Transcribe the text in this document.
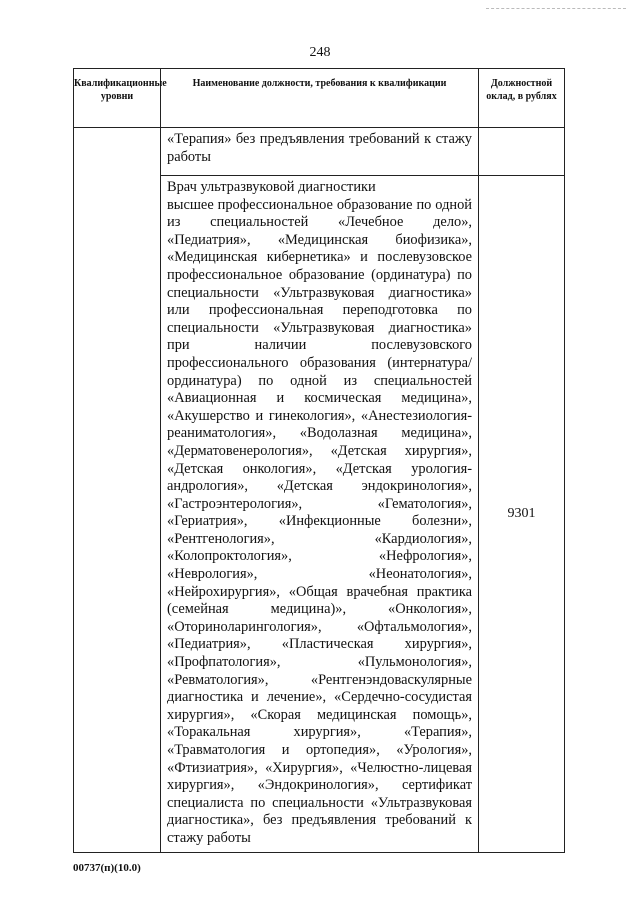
248
Квалификационные уровни	Наименование должности, требования к квалификации	Должностной оклад, в рублях

	«Терапия» без предъявления требований к стажу работы	

	Врач ультразвуковой диагностики
высшее профессиональное образование по одной из специальностей «Лечебное дело», «Педиатрия», «Медицинская биофизика», «Медицинская кибернетика» и послевузовское профессиональное образование (ординатура) по специальности «Ультразвуковая диагностика» или профессиональная переподготовка по специальности «Ультразвуковая диагностика» при наличии послевузовского профессионального образования (интернатура/ординатура) по одной из специальностей «Авиационная и космическая медицина», «Акушерство и гинекология», «Анестезиология-реаниматология», «Водолазная медицина», «Дерматовенерология», «Детская хирургия», «Детская онкология», «Детская урология-андрология», «Детская эндокринология», «Гастроэнтерология», «Гематология», «Гериатрия», «Инфекционные болезни», «Рентгенология», «Кардиология», «Колопроктология», «Нефрология», «Неврология», «Неонатология», «Нейрохирургия», «Общая врачебная практика (семейная медицина)», «Онкология», «Оториноларингология», «Офтальмология», «Педиатрия», «Пластическая хирургия», «Профпатология», «Пульмонология», «Ревматология», «Рентгенэндоваскулярные диагностика и лечение», «Сердечно-сосудистая хирургия», «Скорая медицинская помощь», «Торакальная хирургия», «Терапия», «Травматология и ортопедия», «Урология», «Фтизиатрия», «Хирургия», «Челюстно-лицевая хирургия», «Эндокринология», сертификат специалиста по специальности «Ультразвуковая диагностика», без предъявления требований к стажу работы	9301
00737(п)(10.0)
